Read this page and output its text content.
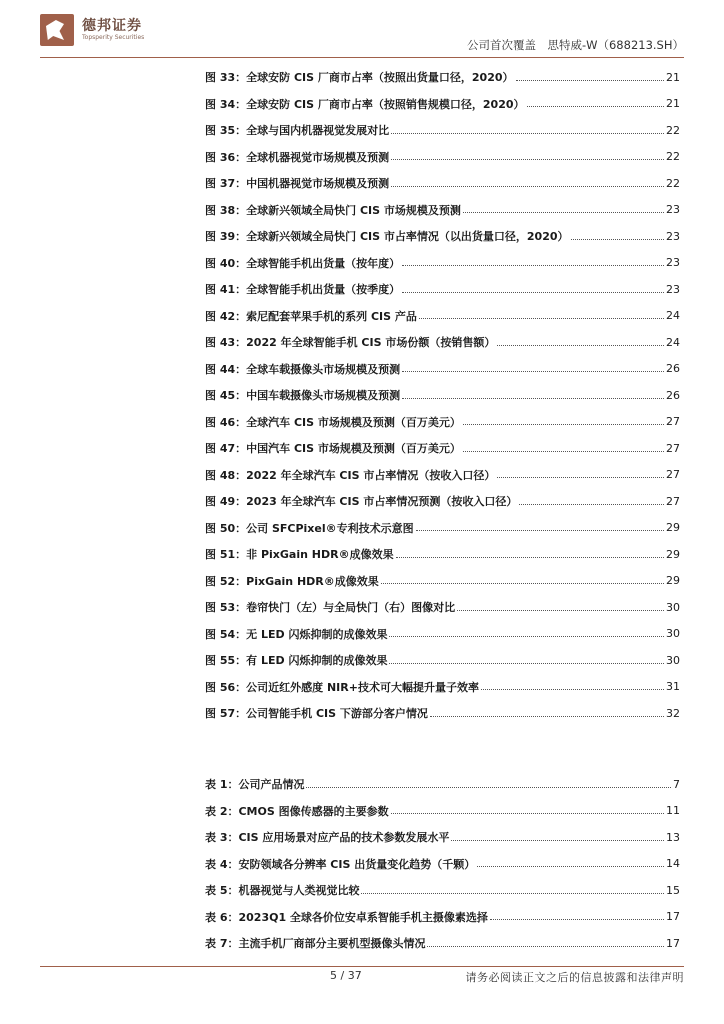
德邦证券
Topsperity Securities
公司首次覆盖　思特威-W（688213.SH）
图 33：全球安防 CIS 厂商市占率（按照出货量口径，2020）	21
图 34：全球安防 CIS 厂商市占率（按照销售规模口径，2020）	21
图 35：全球与国内机器视觉发展对比	22
图 36：全球机器视觉市场规模及预测	22
图 37：中国机器视觉市场规模及预测	22
图 38：全球新兴领域全局快门 CIS 市场规模及预测	23
图 39：全球新兴领域全局快门 CIS 市占率情况（以出货量口径，2020）	23
图 40：全球智能手机出货量（按年度）	23
图 41：全球智能手机出货量（按季度）	23
图 42：索尼配套苹果手机的系列 CIS 产品	24
图 43：2022 年全球智能手机 CIS 市场份额（按销售额）	24
图 44：全球车载摄像头市场规模及预测	26
图 45：中国车载摄像头市场规模及预测	26
图 46：全球汽车 CIS 市场规模及预测（百万美元）	27
图 47：中国汽车 CIS 市场规模及预测（百万美元）	27
图 48：2022 年全球汽车 CIS 市占率情况（按收入口径）	27
图 49：2023 年全球汽车 CIS 市占率情况预测（按收入口径）	27
图 50：公司 SFCPixel®专利技术示意图	29
图 51：非 PixGain HDR®成像效果	29
图 52：PixGain HDR®成像效果	29
图 53：卷帘快门（左）与全局快门（右）图像对比	30
图 54：无 LED 闪烁抑制的成像效果	30
图 55：有 LED 闪烁抑制的成像效果	30
图 56：公司近红外感度 NIR+技术可大幅提升量子效率	31
图 57：公司智能手机 CIS 下游部分客户情况	32
表 1：公司产品情况	7
表 2：CMOS 图像传感器的主要参数	11
表 3：CIS 应用场景对应产品的技术参数发展水平	13
表 4：安防领域各分辨率 CIS 出货量变化趋势（千颗）	14
表 5：机器视觉与人类视觉比较	15
表 6：2023Q1 全球各价位安卓系智能手机主摄像素选择	17
表 7：主流手机厂商部分主要机型摄像头情况	17
5 / 37	请务必阅读正文之后的信息披露和法律声明
